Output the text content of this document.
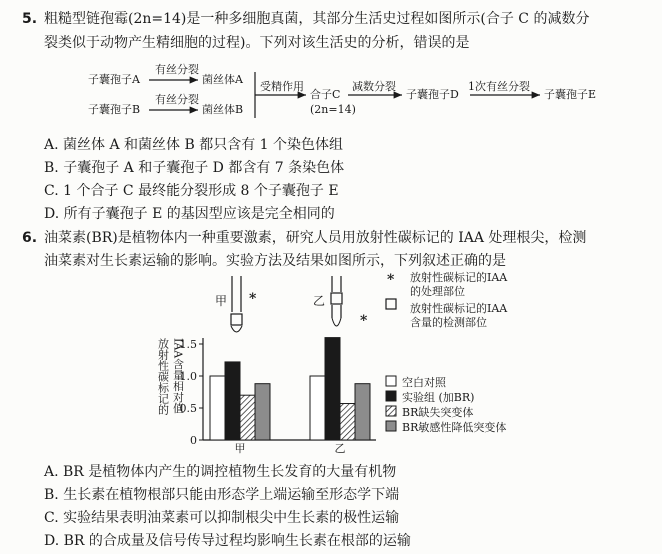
5. 粗糙型链孢霉(2n=14)是一种多细胞真菌，其部分生活史过程如图所示(合子 C 的减数分
裂类似于动物产生精细胞的过程)。下列对该生活史的分析，错误的是
子囊孢子A
有丝分裂
菌丝体A
子囊孢子B
有丝分裂
菌丝体B
受精作用
合子C
(2n=14)
减数分裂
子囊孢子D
1次有丝分裂
子囊孢子E
A. 菌丝体 A 和菌丝体 B 都只含有 1 个染色体组
B. 子囊孢子 A 和子囊孢子 D 都含有 7 条染色体
C. 1 个合子 C 最终能分裂形成 8 个子囊孢子 E
D. 所有子囊孢子 E 的基因型应该是完全相同的
6. 油菜素(BR)是植物体内一种重要激素，研究人员用放射性碳标记的 IAA 处理根尖，检测
油菜素对生长素运输的影响。实验方法及结果如图所示，下列叙述正确的是
甲	乙
*
*
* 放射性碳标记的IAA
的处理部位
放射性碳标记的IAA
含量的检测部位
0
0.5
1.0
1.5
放射性碳标记的 IAA含量相对值
甲	乙
空白对照
实验组 (加BR)
BR缺失突变体
BR敏感性降低突变体
A. BR 是植物体内产生的调控植物生长发育的大量有机物
B. 生长素在植物根部只能由形态学上端运输至形态学下端
C. 实验结果表明油菜素可以抑制根尖中生长素的极性运输
D. BR 的合成量及信号传导过程均影响生长素在根部的运输
